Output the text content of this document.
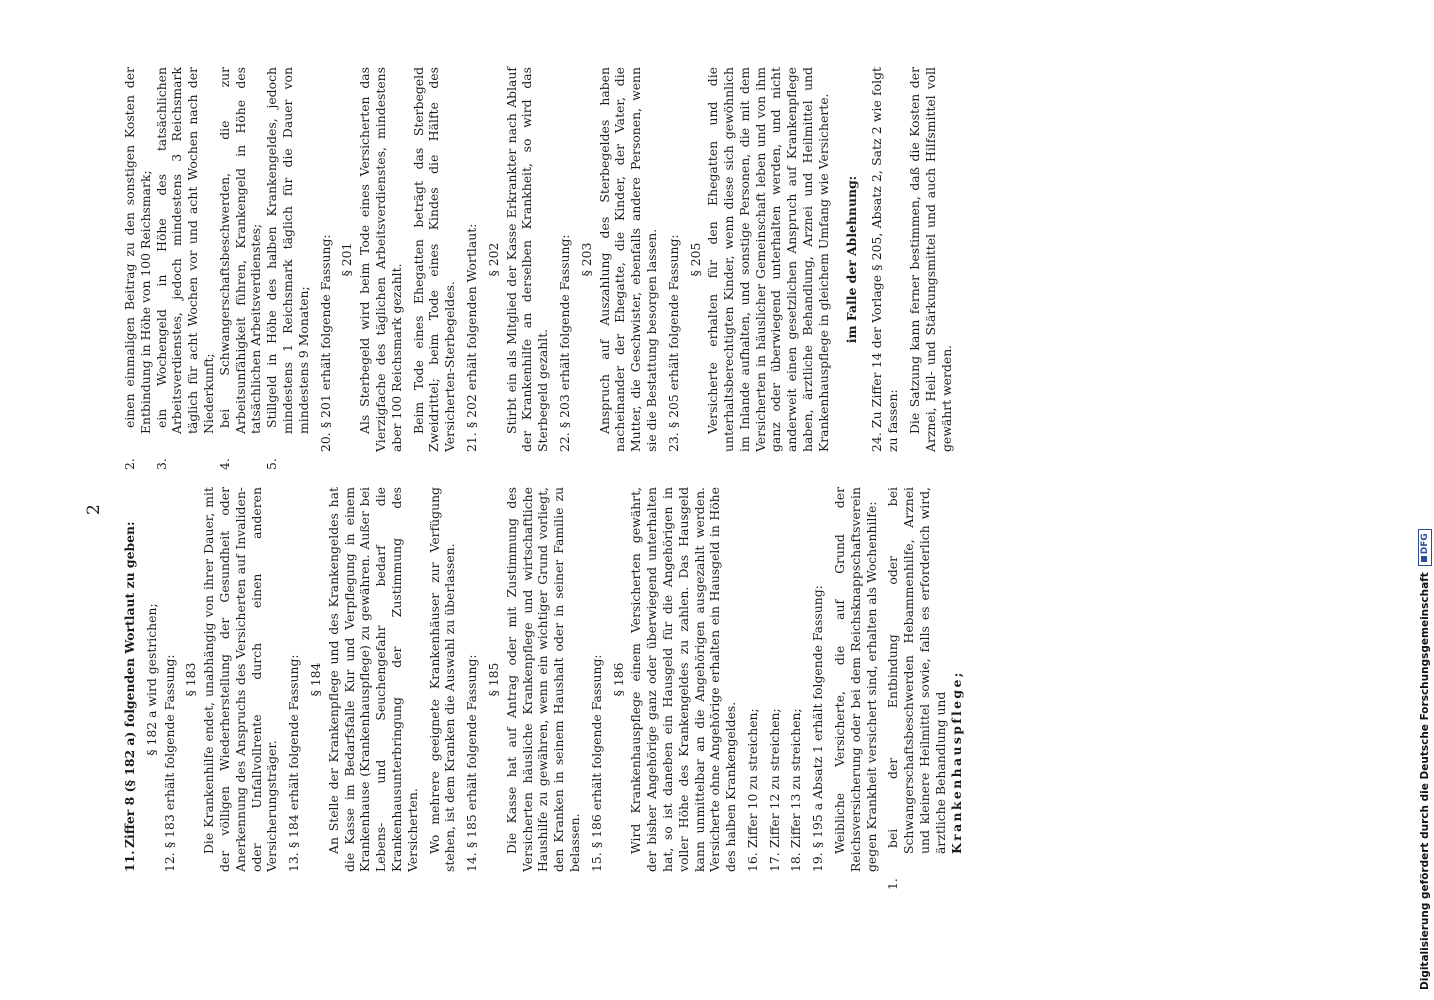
2

11.Ziffer 8 (§ 182 a) folgenden Wortlaut zu geben: § 182 a wird gestrichen;

12.§ 183 erhält folgende Fassung: § 183 Die Krankenhilfe endet, unabhängig von ihrer Dauer, mit der völligen Wiederherstellung der Gesundheit oder Anerkennung des Anspruchs des Versicherten auf Invaliden- oder Unfallvollrente durch einen anderen Versicherungsträger. 13.§ 184 erhält folgende Fassung: § 184 An Stelle der Krankenpflege und des Krankengeldes hat die Kasse im Bedarfsfalle Kur und Verpflegung in einem Krankenhause (Krankenhauspflege) zu gewähren. Außer bei Lebens- und Seuchengefahr bedarf die Krankenhausunterbringung der Zustimmung des Versicherten. Wo mehrere geeignete Krankenhäuser zur Verfügung stehen, ist dem Kranken die Auswahl zu überlassen. 14.§ 185 erhält folgende Fassung: § 185 Die Kasse hat auf Antrag oder mit Zustimmung des Versicherten häusliche Krankenpflege und wirtschaftliche Haushilfe zu gewähren, wenn ein wichtiger Grund vorliegt, den Kranken in seinem Haushalt oder in seiner Familie zu belassen. 15.§ 186 erhält folgende Fassung: § 186 Wird Krankenhauspflege einem Versicherten gewährt, der bisher Angehörige ganz oder überwiegend unterhalten hat, so ist daneben ein Hausgeld für die Angehörigen in voller Höhe des Krankengeldes zu zahlen. Das Hausgeld kann unmittelbar an die Angehörigen ausgezahlt werden. Versicherte ohne Angehörige erhalten ein Hausgeld in Höhe des halben Krankengeldes. 16.Ziffer 10 zu streichen;

17.Ziffer 12 zu streichen;

18.Ziffer 13 zu streichen;

19.§ 195 a Absatz 1 erhält folgende Fassung: Weibliche Versicherte, die auf Grund der Reichsversicherung oder bei dem Reichsknappschaftsverein gegen Krankheit versichert sind, erhalten als Wochenhilfe:

1.bei der Entbindung oder bei Schwangerschaftsbeschwerden Hebammenhilfe, Arznei und kleinere Heilmittel sowie, falls es erforderlich wird, ärztliche Behandlung und Krankenhauspflege;

2.einen einmaligen Beitrag zu den sonstigen Kosten der Entbindung in Höhe von 100 Reichsmark;

3.ein Wochengeld in Höhe des tatsächlichen Arbeitsverdienstes, jedoch mindestens 3 Reichsmark täglich für acht Wochen vor und acht Wochen nach der Niederkunft;

4.bei Schwangerschaftsbeschwerden, die zur Arbeitsunfähigkeit führen, Krankengeld in Höhe des tatsächlichen Arbeitsverdienstes;

5.Stillgeld in Höhe des halben Krankengeldes, jedoch mindestens 1 Reichsmark täglich für die Dauer von mindestens 9 Monaten;

20.§ 201 erhält folgende Fassung: § 201 Als Sterbegeld wird beim Tode eines Versicherten das Vierzigfache des täglichen Arbeitsverdienstes, mindestens aber 100 Reichsmark gezahlt. Beim Tode eines Ehegatten beträgt das Sterbegeld Zweidrittel; beim Tode eines Kindes die Hälfte des Versicherten-Sterbegeldes. 21.§ 202 erhält folgenden Wortlaut: § 202 Stirbt ein als Mitglied der Kasse Erkrankter nach Ablauf der Krankenhilfe an derselben Krankheit, so wird das Sterbegeld gezahlt. 22.§ 203 erhält folgende Fassung: § 203 Anspruch auf Auszahlung des Sterbegeldes haben nacheinander der Ehegatte, die Kinder, der Vater, die Mutter, die Geschwister, ebenfalls andere Personen, wenn sie die Bestattung besorgen lassen. 23.§ 205 erhält folgende Fassung: § 205 Versicherte erhalten für den Ehegatten und die unterhaltsberechtigten Kinder, wenn diese sich gewöhnlich im Inlande aufhalten, und sonstige Personen, die mit dem Versicherten in häuslicher Gemeinschaft leben und von ihm ganz oder überwiegend unterhalten werden, und nicht anderweit einen gesetzlichen Anspruch auf Krankenpflege haben, ärztliche Behandlung, Arznei und Heilmittel und Krankenhauspflege in gleichem Umfang wie Versicherte. im Falle der Ablehnung:

24.Zu Ziffer 14 der Vorlage § 205, Absatz 2, Satz 2 wie folgt zu fassen: Die Satzung kann ferner bestimmen, daß die Kosten der Arznei, Heil- und Stärkungsmittel und auch Hilfsmittel voll gewährt werden.

Digitalisierung gefördert durch die Deutsche Forschungsgemeinschaft
DFG
